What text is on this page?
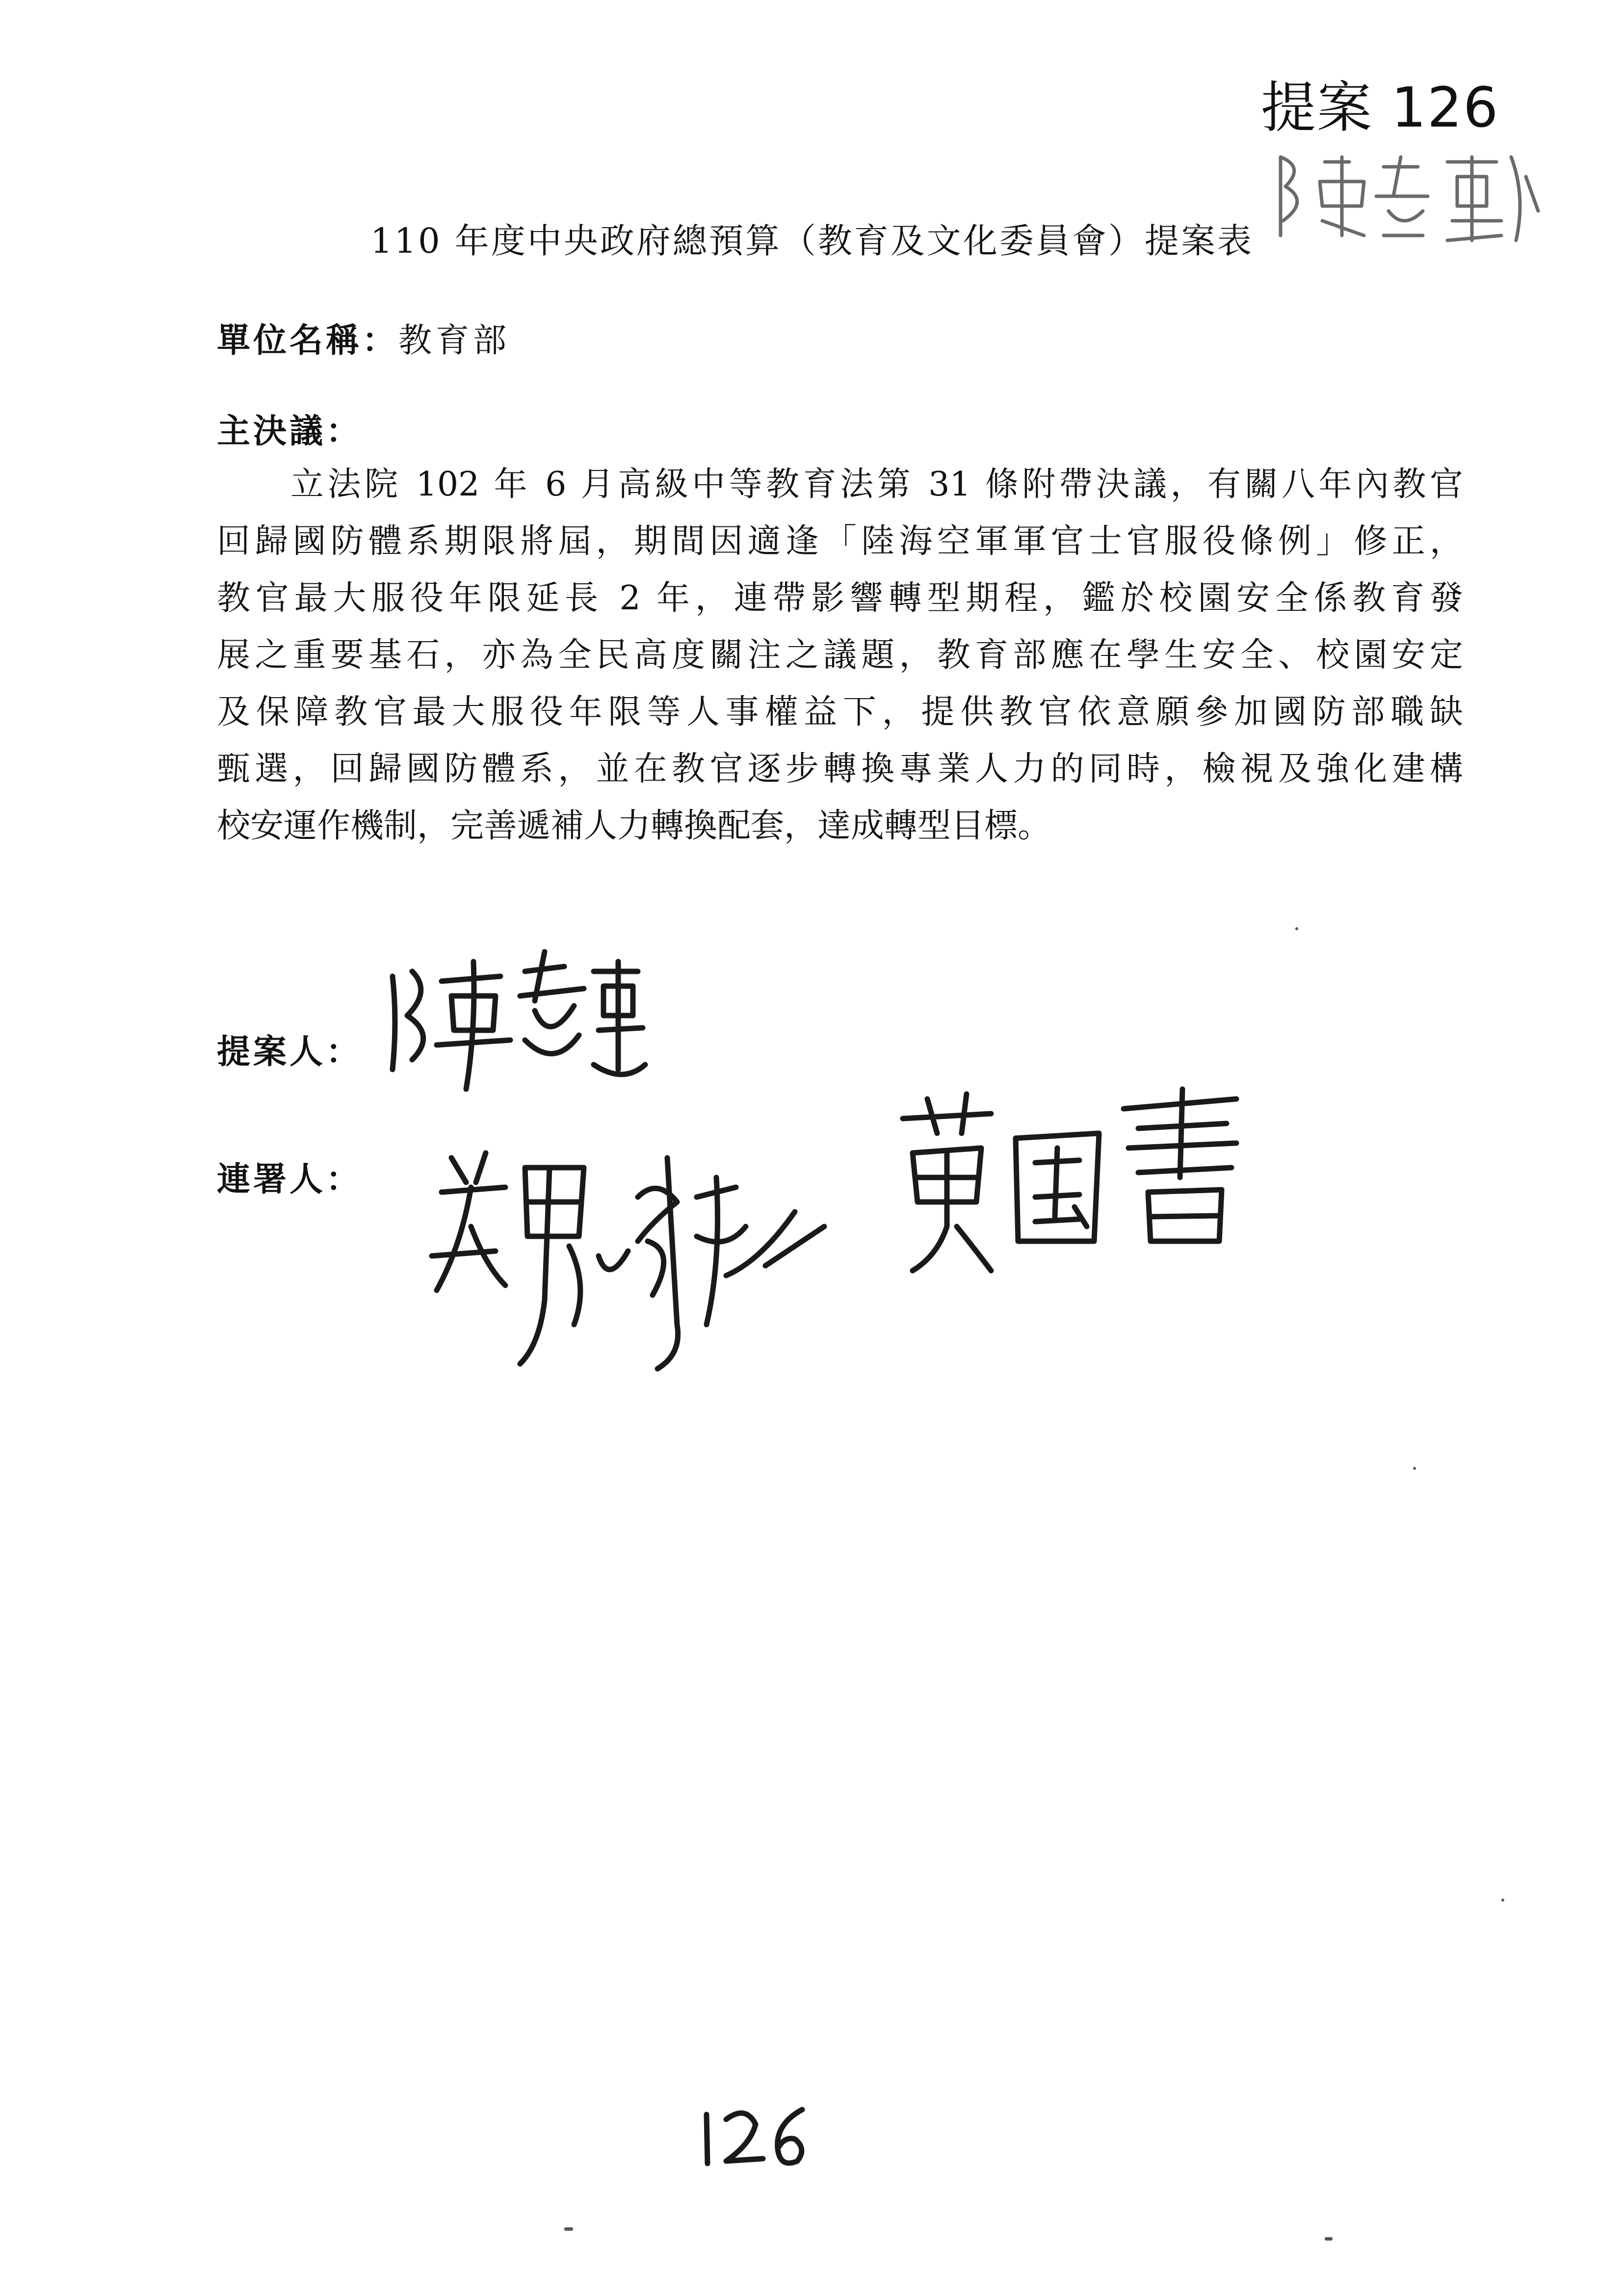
提案 126
110 年度中央政府總預算（教育及文化委員會）提案表
單位名稱：教育部
主決議：
立法院 102 年 6 月高級中等教育法第 31 條附帶決議，有關八年內教官
回歸國防體系期限將屆，期間因適逢「陸海空軍軍官士官服役條例」修正，
教官最大服役年限延長 2 年，連帶影響轉型期程，鑑於校園安全係教育發
展之重要基石，亦為全民高度關注之議題，教育部應在學生安全、校園安定
及保障教官最大服役年限等人事權益下，提供教官依意願參加國防部職缺
甄選，回歸國防體系，並在教官逐步轉換專業人力的同時，檢視及強化建構
校安運作機制，完善遞補人力轉換配套，達成轉型目標。
提案人：
連署人：
